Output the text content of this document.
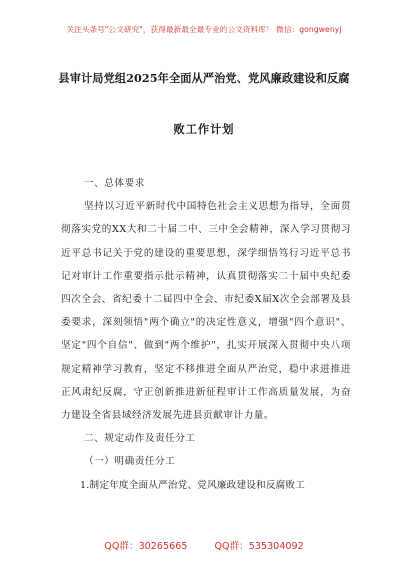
关注头条号"公文研究"，获得最新最全最专业的公文资料库！ 微信：gongwenyj
县审计局党组2025年全面从严治党、党风廉政建设和反腐
败工作计划
一、总体要求

坚持以习近平新时代中国特色社会主义思想为指导，全面贯彻落实党的XX大和二十届二中、三中全会精神，深入学习贯彻习近平总书记关于党的建设的重要思想，深学细悟笃行习近平总书记对审计工作重要指示批示精神，认真贯彻落实二十届中央纪委四次全会、省纪委十二届四中全会、市纪委X届X次全会部署及县委要求，深刻领悟"两个确立"的决定性意义，增强"四个意识"、坚定"四个自信"、做到"两个维护"，扎实开展深入贯彻中央八项规定精神学习教育，坚定不移推进全面从严治党，稳中求进推进正风肃纪反腐，守正创新推进新征程审计工作高质量发展，为奋力建设全省县域经济发展先进县贡献审计力量。

二、规定动作及责任分工
（一）明确责任分工
1.制定年度全面从严治党、党风廉政建设和反腐败工
QQ群：30265665	QQ群：535304092
